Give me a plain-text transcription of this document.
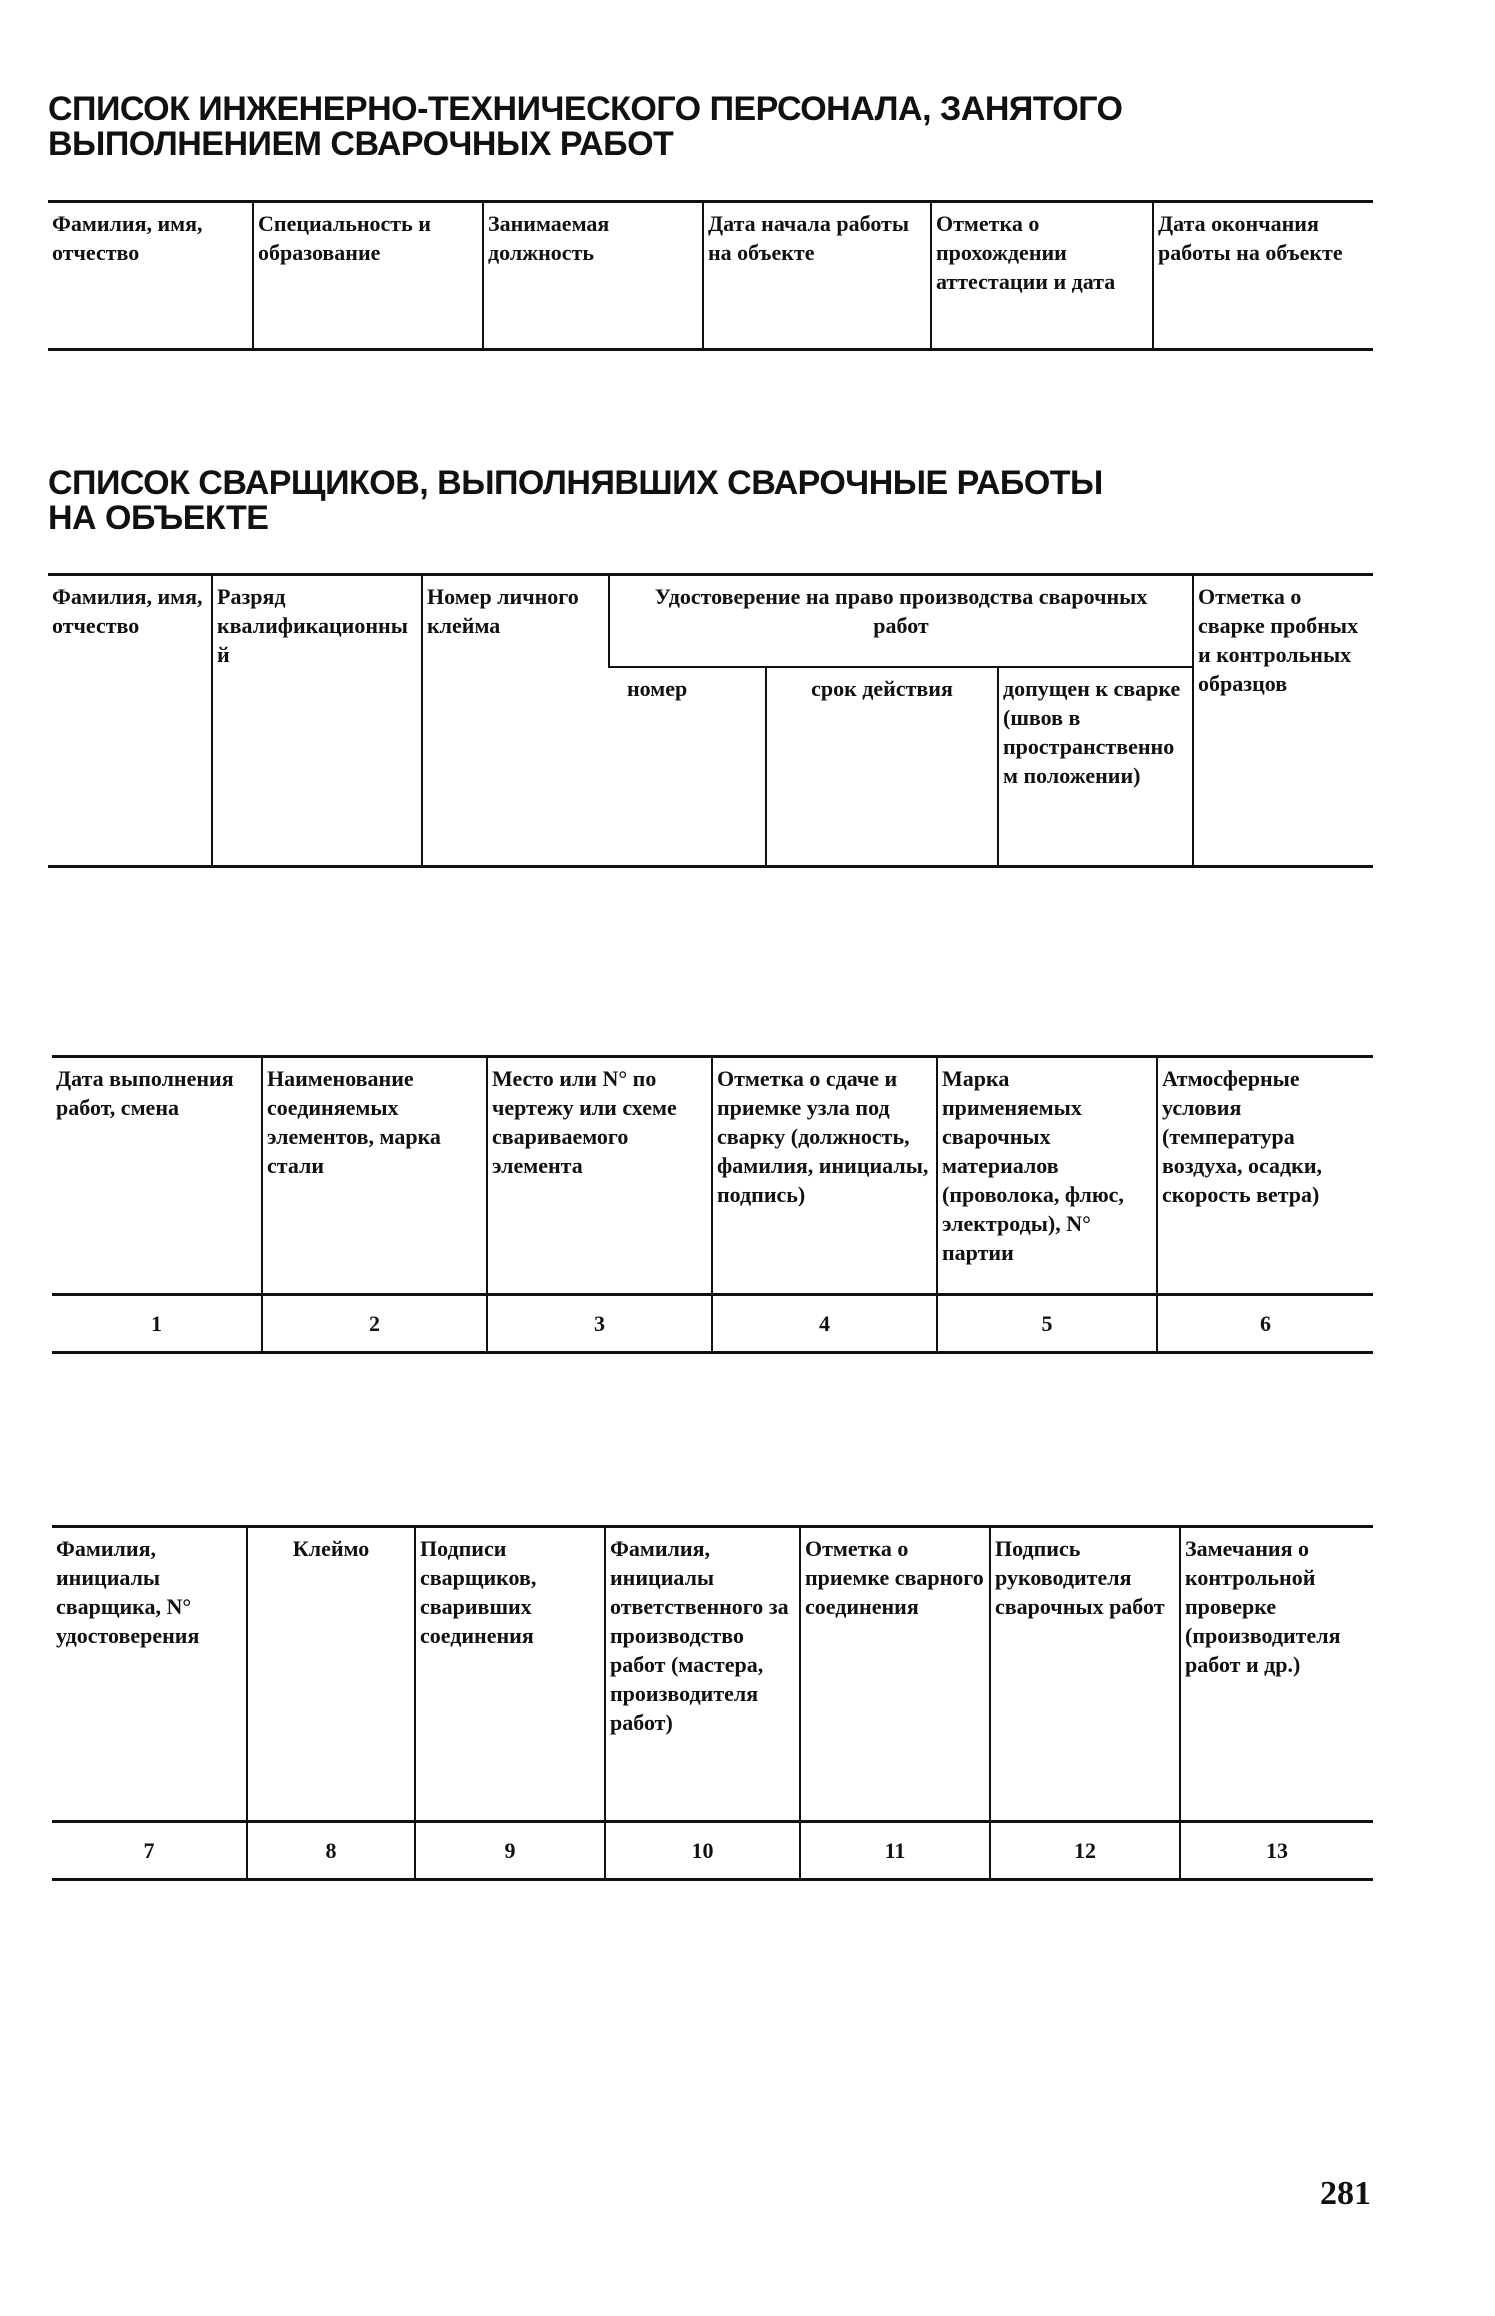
СПИСОК ИНЖЕНЕРНО-ТЕХНИЧЕСКОГО ПЕРСОНАЛА, ЗАНЯТОГО
ВЫПОЛНЕНИЕМ СВАРОЧНЫХ РАБОТ
Фамилия, имя, отчество	Специальность и образование	Занимаемая должность	Дата начала работы на объекте	Отметка о прохождении аттестации и дата	Дата окончания работы на объекте
СПИСОК СВАРЩИКОВ, ВЫПОЛНЯВШИХ СВАРОЧНЫЕ РАБОТЫ
НА ОБЪЕКТЕ
Фамилия, имя, отчество	Разряд квалификационный	Номер личного клейма	Удостоверение на право производства сварочных работ			Отметка о сварке пробных и контрольных образцов
			номер	срок действия	допущен к сварке (швов в пространственном положении)	
Дата выполнения работ, смена	Наименование соединяемых элементов, марка стали	Место или N° по чертежу или схеме свариваемого элемента	Отметка о сдаче и приемке узла под сварку (должность, фамилия, инициалы, подпись)	Марка применяемых сварочных материалов (проволока, флюс, электроды), N° партии	Атмосферные условия (температура воздуха, осадки, скорость ветра)
1	2	3	4	5	6
Фамилия, инициалы сварщика, N° удостоверения	Клеймо	Подписи сварщиков, сваривших соединения	Фамилия, инициалы ответственного за производство работ (мастера, производителя работ)	Отметка о приемке сварного соединения	Подпись руководителя сварочных работ	Замечания о контрольной проверке (производителя работ и др.)
7	8	9	10	11	12	13
281
